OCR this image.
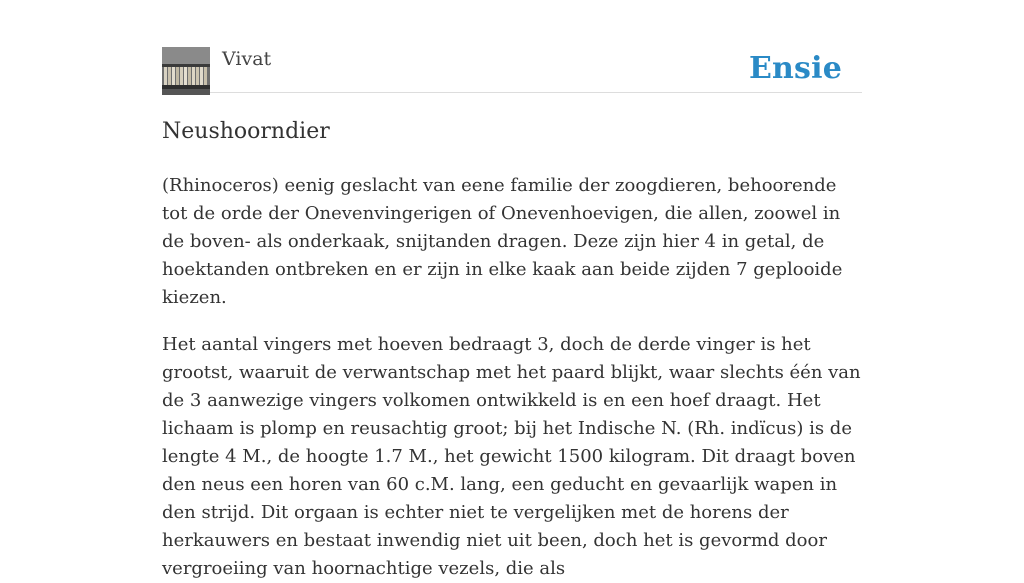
Vivat	Ensie
Neushoorndier

(Rhinoceros) eenig geslacht van eene familie der zoogdieren, behoorende tot de orde der Onevenvingerigen of Onevenhoevigen, die allen, zoowel in de boven- als onderkaak, snijtanden dragen. Deze zijn hier 4 in getal, de hoektanden ontbreken en er zijn in elke kaak aan beide zijden 7 geplooide kiezen.

Het aantal vingers met hoeven bedraagt 3, doch de derde vinger is het grootst, waaruit de verwantschap met het paard blijkt, waar slechts één van de 3 aanwezige vingers volkomen ontwikkeld is en een hoef draagt. Het lichaam is plomp en reusachtig groot; bij het Indische N. (Rh. indïcus) is de lengte 4 M., de hoogte 1.7 M., het gewicht 1500 kilogram. Dit draagt boven den neus een horen van 60 c.M. lang, een geducht en gevaarlijk wapen in den strijd. Dit orgaan is echter niet te vergelijken met de horens der herkauwers en bestaat inwendig niet uit been, doch het is gevormd door vergroeiing van hoornachtige vezels, die als
